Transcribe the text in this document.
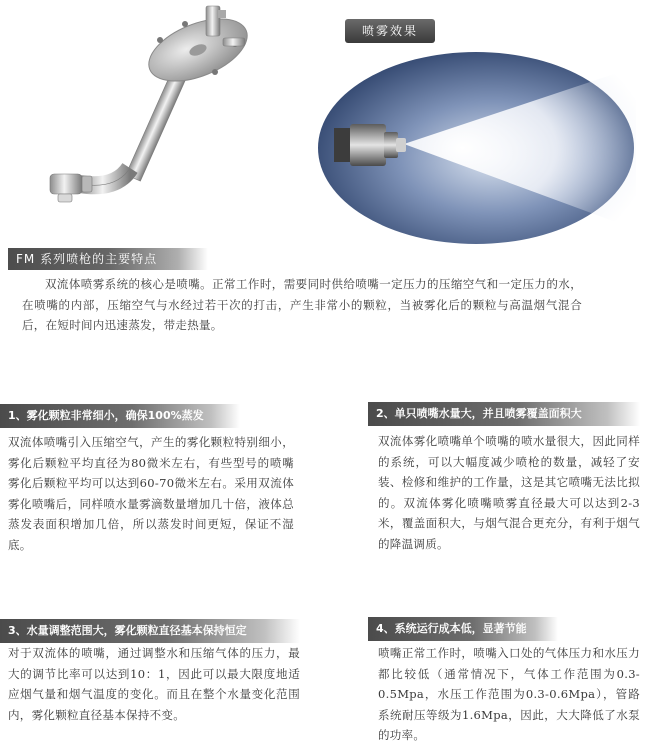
喷雾效果
FM 系列喷枪的主要特点
双流体喷雾系统的核心是喷嘴。正常工作时，需要同时供给喷嘴一定压力的压缩空气和一定压力的水，在喷嘴的内部，压缩空气与水经过若干次的打击，产生非常小的颗粒，当被雾化后的颗粒与高温烟气混合后，在短时间内迅速蒸发，带走热量。
1、雾化颗粒非常细小，确保100%蒸发
双流体喷嘴引入压缩空气，产生的雾化颗粒特别细小，雾化后颗粒平均直径为80微米左右，有些型号的喷嘴雾化后颗粒平均可以达到60-70微米左右。采用双流体雾化喷嘴后，同样喷水量雾滴数量增加几十倍，液体总蒸发表面积增加几倍，所以蒸发时间更短，保证不湿底。
2、单只喷嘴水量大，并且喷雾覆盖面积大
双流体雾化喷嘴单个喷嘴的喷水量很大，因此同样的系统，可以大幅度减少喷枪的数量，减轻了安装、检修和维护的工作量，这是其它喷嘴无法比拟的。双流体雾化喷嘴喷雾直径最大可以达到2-3米，覆盖面积大，与烟气混合更充分，有利于烟气的降温调质。
3、水量调整范围大，雾化颗粒直径基本保持恒定
对于双流体的喷嘴，通过调整水和压缩气体的压力，最大的调节比率可以达到10：1，因此可以最大限度地适应烟气量和烟气温度的变化。而且在整个水量变化范围内，雾化颗粒直径基本保持不变。
4、系统运行成本低，显著节能
喷嘴正常工作时，喷嘴入口处的气体压力和水压力都比较低（通常情况下，气体工作范围为0.3-0.5Mpa，水压工作范围为0.3-0.6Mpa），管路系统耐压等级为1.6Mpa，因此，大大降低了水泵的功率。
